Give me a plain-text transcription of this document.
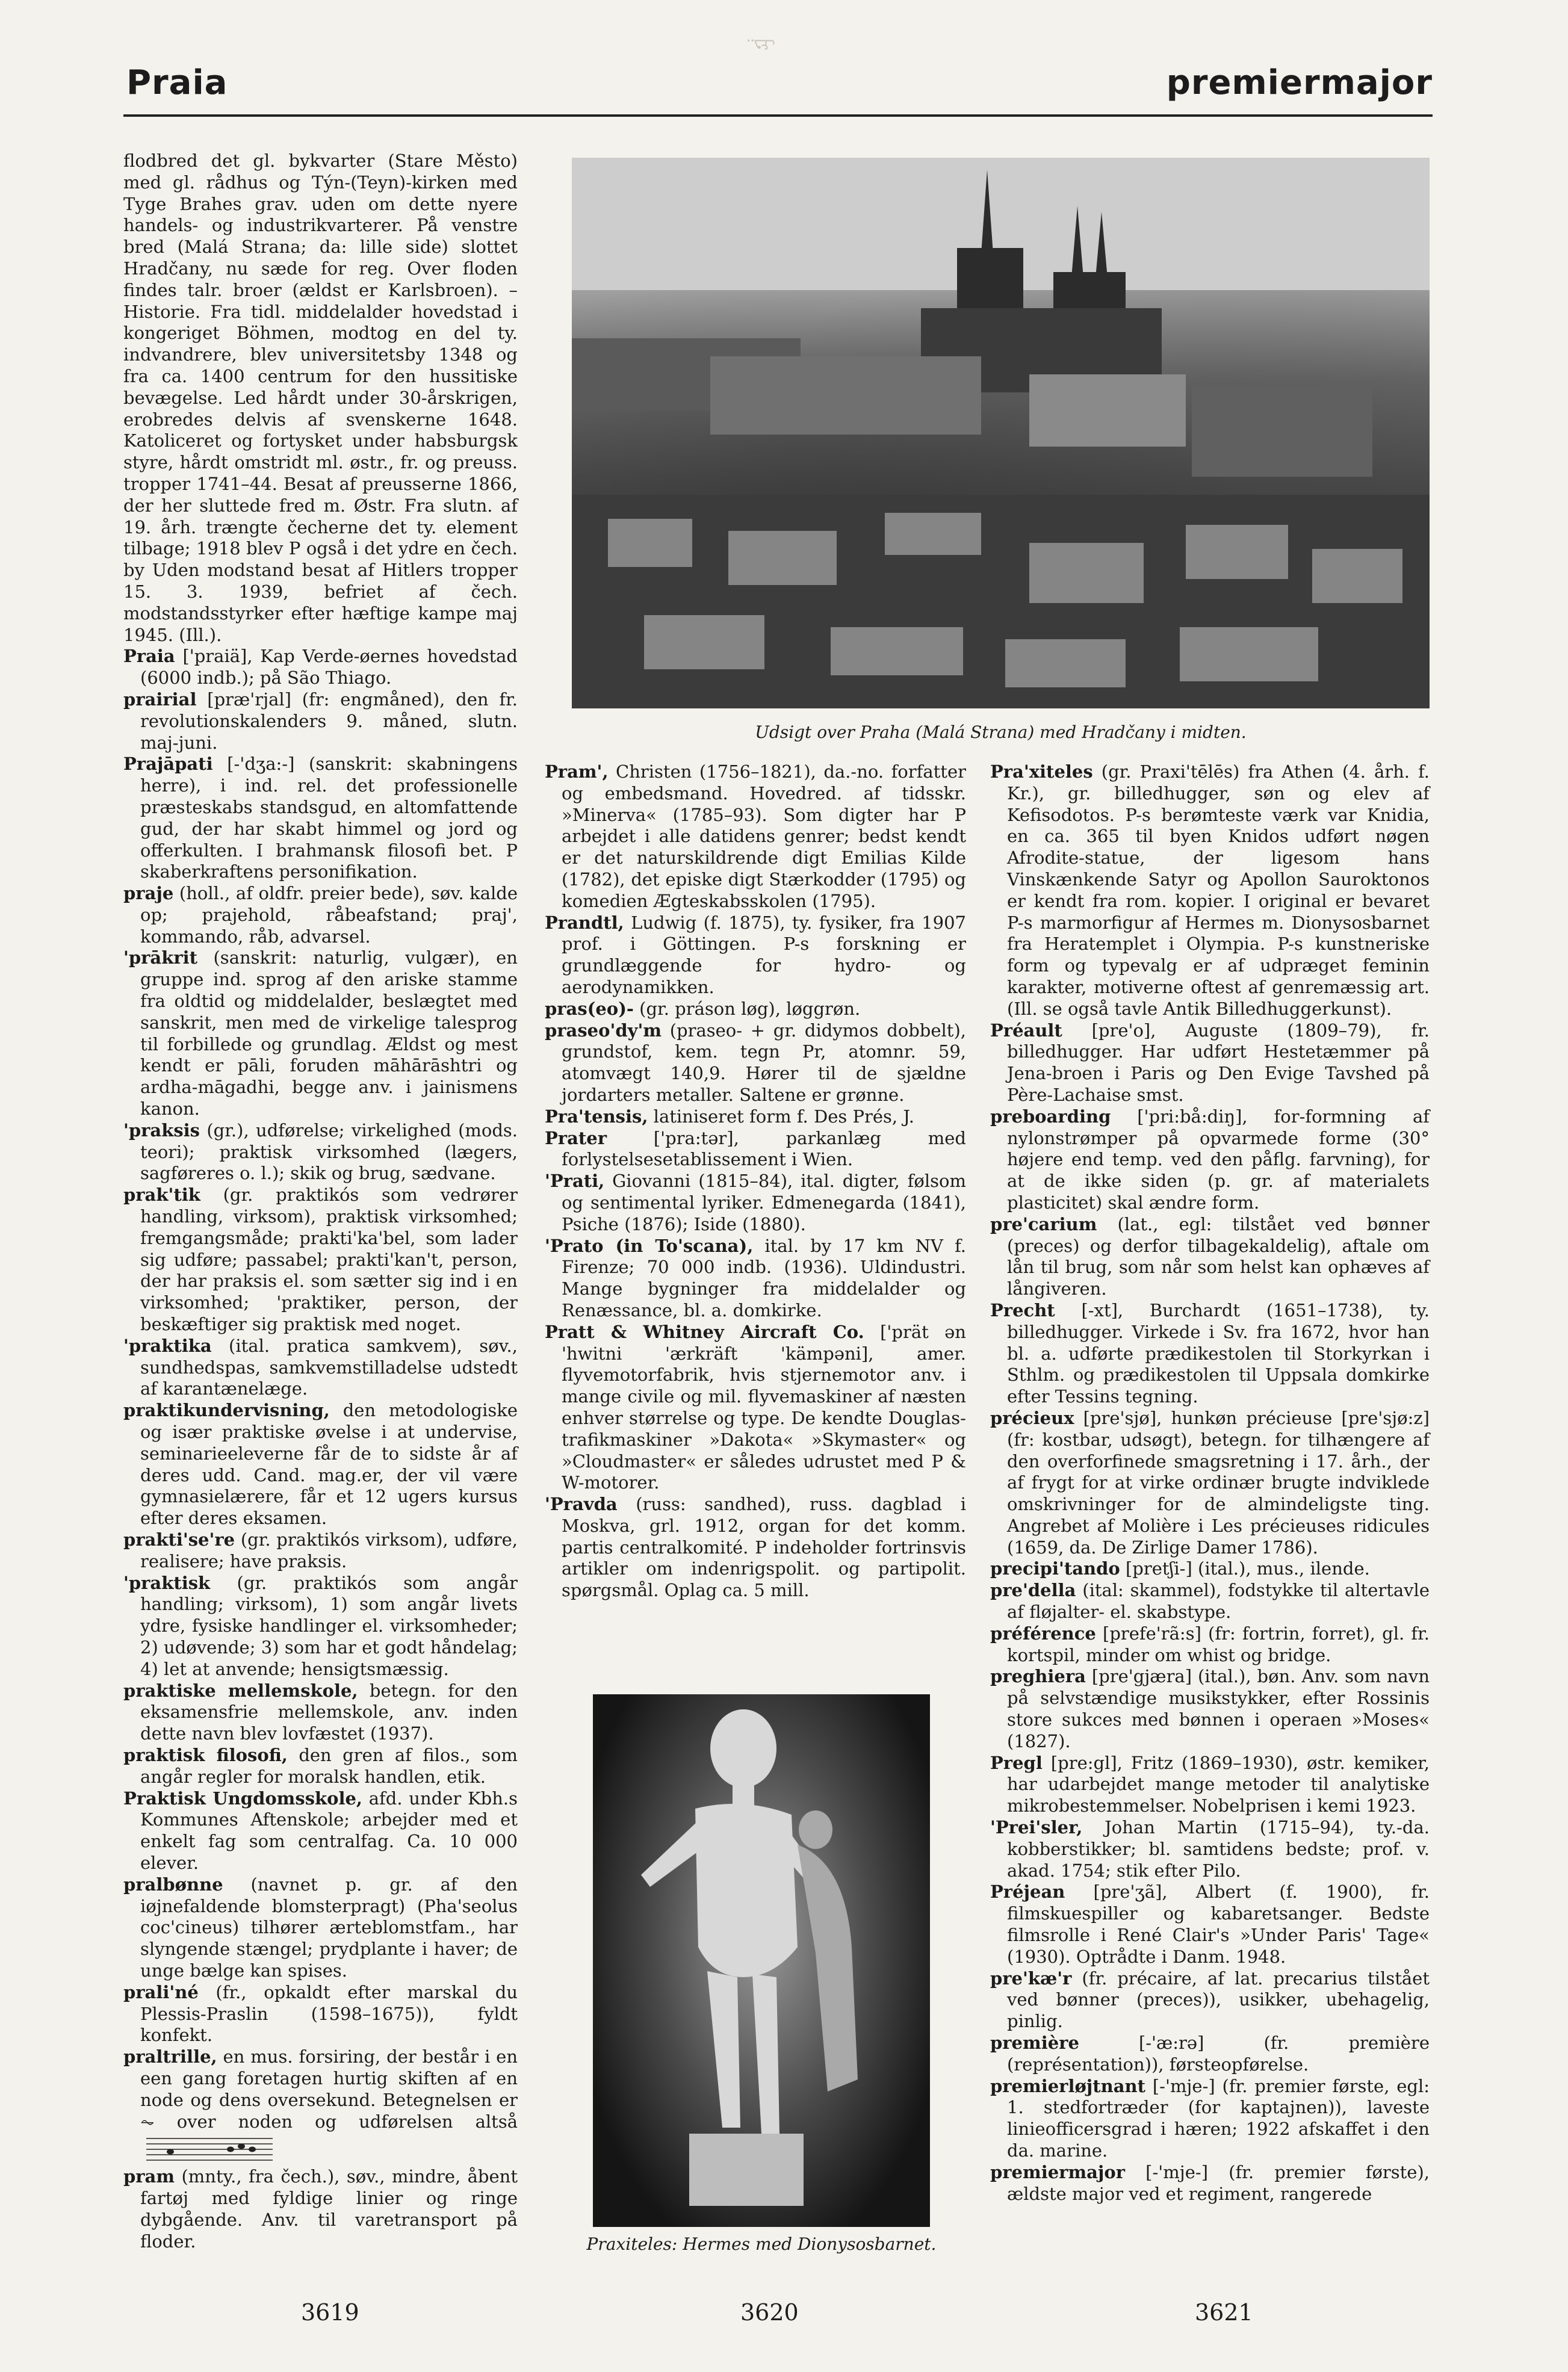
᠃ᢏᢋ
Praia	premiermajor

flodbred det gl. bykvarter (Stare Město) med gl. rådhus og Týn-(Teyn)-kirken med Tyge Brahes grav. uden om dette nyere handels- og industrikvarterer. På venstre bred (Malá Strana; da: lille side) slottet Hradčany, nu sæde for reg. Over floden findes talr. broer (ældst er Karlsbroen). – Historie. Fra tidl. middelalder hovedstad i kongeriget Böhmen, modtog en del ty. indvandrere, blev universitetsby 1348 og fra ca. 1400 centrum for den hussitiske bevægelse. Led hårdt under 30-årskrigen, erobredes delvis af svenskerne 1648. Katoliceret og fortysket under habsburgsk styre, hårdt omstridt ml. østr., fr. og preuss. tropper 1741–44. Besat af preusserne 1866, der her sluttede fred m. Østr. Fra slutn. af 19. årh. trængte čecherne det ty. element tilbage; 1918 blev P også i det ydre en čech. by Uden modstand besat af Hitlers tropper 15. 3. 1939, befriet af čech. modstandsstyrker efter hæftige kampe maj 1945. (Ill.).

Praia ['praiä], Kap Verde-øernes hovedstad (6000 indb.); på São Thiago.

prairial [præ'rjal] (fr: engmåned), den fr. revolutionskalenders 9. måned, slutn. maj-juni.

Prajāpati [-'dʒa:-] (sanskrit: skabningens herre), i ind. rel. det professionelle præsteskabs standsgud, en altomfattende gud, der har skabt himmel og jord og offerkulten. I brahmansk filosofi bet. P skaberkraftens personifikation.

praje (holl., af oldfr. preier bede), søv. kalde op; prajehold, råbeafstand; praj', kommando, råb, advarsel.

'prākrit (sanskrit: naturlig, vulgær), en gruppe ind. sprog af den ariske stamme fra oldtid og middelalder, beslægtet med sanskrit, men med de virkelige talesprog til forbillede og grundlag. Ældst og mest kendt er pāli, foruden māhārāshtri og ardha-māgadhi, begge anv. i jainismens kanon.

'praksis (gr.), udførelse; virkelighed (mods. teori); praktisk virksomhed (lægers, sagføreres o. l.); skik og brug, sædvane.

prak'tik (gr. praktikós som vedrører handling, virksom), praktisk virksomhed; fremgangsmåde; prakti'ka'bel, som lader sig udføre; passabel; prakti'kan't, person, der har praksis el. som sætter sig ind i en virksomhed; 'praktiker, person, der beskæftiger sig praktisk med noget.

'praktika (ital. pratica samkvem), søv., sundhedspas, samkvemstilladelse udstedt af karantænelæge.

praktikundervisning, den metodologiske og især praktiske øvelse i at undervise, seminarieeleverne får de to sidste år af deres udd. Cand. mag.er, der vil være gymnasielærere, får et 12 ugers kursus efter deres eksamen.

prakti'se're (gr. praktikós virksom), udføre, realisere; have praksis.

'praktisk (gr. praktikós som angår handling; virksom), 1) som angår livets ydre, fysiske handlinger el. virksomheder; 2) udøvende; 3) som har et godt håndelag; 4) let at anvende; hensigtsmæssig.

praktiske mellemskole, betegn. for den eksamensfrie mellemskole, anv. inden dette navn blev lovfæstet (1937).

praktisk filosofi, den gren af filos., som angår regler for moralsk handlen, etik.

Praktisk Ungdomsskole, afd. under Kbh.s Kommunes Aftenskole; arbejder med et enkelt fag som centralfag. Ca. 10 000 elever.

pralbønne (navnet p. gr. af den iøjnefaldende blomsterpragt) (Pha'seolus coc'cineus) tilhører ærteblomstfam., har slyngende stængel; prydplante i haver; de unge bælge kan spises.

prali'né (fr., opkaldt efter marskal du Plessis-Praslin (1598–1675)), fyldt konfekt.

praltrille, en mus. forsiring, der består i en een gang foretagen hurtig skiften af en node og dens oversekund. Betegnelsen er ⏦ over noden og udførelsen altså

pram (mnty., fra čech.), søv., mindre, åbent fartøj med fyldige linier og ringe dybgående. Anv. til varetransport på floder.

Udsigt over Praha (Malá Strana) med Hradčany i midten.

Pram', Christen (1756–1821), da.-no. forfatter og embedsmand. Hovedred. af tidsskr. »Minerva« (1785–93). Som digter har P arbejdet i alle datidens genrer; bedst kendt er det naturskildrende digt Emilias Kilde (1782), det episke digt Stærkodder (1795) og komedien Ægteskabsskolen (1795).

Prandtl, Ludwig (f. 1875), ty. fysiker, fra 1907 prof. i Göttingen. P-s forskning er grundlæggende for hydro- og aerodynamikken.

pras(eo)- (gr. práson løg), løggrøn.

praseo'dy'm (praseo- + gr. didymos dobbelt), grundstof, kem. tegn Pr, atomnr. 59, atomvægt 140,9. Hører til de sjældne jordarters metaller. Saltene er grønne.

Pra'tensis, latiniseret form f. Des Prés, J.

Prater ['pra:tər], parkanlæg med forlystelsesetablissement i Wien.

'Prati, Giovanni (1815–84), ital. digter, følsom og sentimental lyriker. Edmenegarda (1841), Psiche (1876); Iside (1880).

'Prato (in To'scana), ital. by 17 km NV f. Firenze; 70 000 indb. (1936). Uldindustri. Mange bygninger fra middelalder og Renæssance, bl. a. domkirke.

Pratt & Whitney Aircraft Co. ['prät ən 'hwitni 'ærkräft 'kämpəni], amer. flyvemotorfabrik, hvis stjernemotor anv. i mange civile og mil. flyvemaskiner af næsten enhver størrelse og type. De kendte Douglas-trafikmaskiner »Dakota« »Skymaster« og »Cloudmaster« er således udrustet med P & W-motorer.

'Pravda (russ: sandhed), russ. dagblad i Moskva, grl. 1912, organ for det komm. partis centralkomité. P indeholder fortrinsvis artikler om indenrigspolit. og partipolit. spørgsmål. Oplag ca. 5 mill.

Pra'xiteles (gr. Praxi'tēlēs) fra Athen (4. årh. f. Kr.), gr. billedhugger, søn og elev af Kefisodotos. P-s berømteste værk var Knidia, en ca. 365 til byen Knidos udført nøgen Afrodite-statue, der ligesom hans Vinskænkende Satyr og Apollon Sauroktonos er kendt fra rom. kopier. I original er bevaret P-s marmorfigur af Hermes m. Dionysosbarnet fra Heratemplet i Olympia. P-s kunstneriske form og typevalg er af udpræget feminin karakter, motiverne oftest af genremæssig art. (Ill. se også tavle Antik Billedhuggerkunst).

Préault [pre'o], Auguste (1809–79), fr. billedhugger. Har udført Hestetæmmer på Jena-broen i Paris og Den Evige Tavshed på Père-Lachaise smst.

preboarding ['pri:bå:diŋ], for-formning af nylonstrømper på opvarmede forme (30° højere end temp. ved den påflg. farvning), for at de ikke siden (p. gr. af materialets plasticitet) skal ændre form.

pre'carium (lat., egl: tilstået ved bønner (preces) og derfor tilbagekaldelig), aftale om lån til brug, som når som helst kan ophæves af långiveren.

Precht [-xt], Burchardt (1651–1738), ty. billedhugger. Virkede i Sv. fra 1672, hvor han bl. a. udførte prædikestolen til Storkyrkan i Sthlm. og prædikestolen til Uppsala domkirke efter Tessins tegning.

précieux [pre'sjø], hunkøn précieuse [pre'sjø:z] (fr: kostbar, udsøgt), betegn. for tilhængere af den overforfinede smagsretning i 17. årh., der af frygt for at virke ordinær brugte indviklede omskrivninger for de almindeligste ting. Angrebet af Molière i Les précieuses ridicules (1659, da. De Zirlige Damer 1786).

precipi'tando [pretʃi-] (ital.), mus., ilende.

pre'della (ital: skammel), fodstykke til altertavle af fløjalter- el. skabstype.

préférence [prefe'rã:s] (fr: fortrin, forret), gl. fr. kortspil, minder om whist og bridge.

preghiera [pre'gjæra] (ital.), bøn. Anv. som navn på selvstændige musikstykker, efter Rossinis store sukces med bønnen i operaen »Moses« (1827).

Pregl [pre:gl], Fritz (1869–1930), østr. kemiker, har udarbejdet mange metoder til analytiske mikrobestemmelser. Nobelprisen i kemi 1923.

'Prei'sler, Johan Martin (1715–94), ty.-da. kobberstikker; bl. samtidens bedste; prof. v. akad. 1754; stik efter Pilo.

Préjean [pre'ʒã], Albert (f. 1900), fr. filmskuespiller og kabaretsanger. Bedste filmsrolle i René Clair's »Under Paris' Tage« (1930). Optrådte i Danm. 1948.

pre'kæ'r (fr. précaire, af lat. precarius tilstået ved bønner (preces)), usikker, ubehagelig, pinlig.

première [-'æ:rə] (fr. première (représentation)), førsteopførelse.

premierløjtnant [-'mje-] (fr. premier første, egl: 1. stedfortræder (for kaptajnen)), laveste linieofficersgrad i hæren; 1922 afskaffet i den da. marine.

premiermajor [-'mje-] (fr. premier første), ældste major ved et regiment, rangerede

Praxiteles: Hermes med Dionysosbarnet.
3619	3620	3621
